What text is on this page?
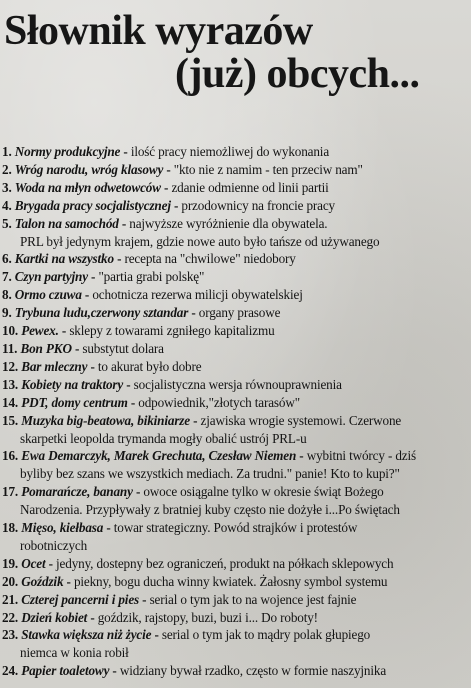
Słownik wyrazów
(już) obcych...
1. Normy produkcyjne - ilość pracy niemożliwej do wykonania
2. Wróg narodu, wróg klasowy - "kto nie z namim - ten przeciw nam"
3. Woda na młyn odwetowców - zdanie odmienne od linii partii
4. Brygada pracy socjalistycznej - przodownicy na froncie pracy
5. Talon na samochód - najwyższe wyróżnienie dla obywatela.
PRL był jedynym krajem, gdzie nowe auto było tańsze od używanego
6. Kartki na wszystko - recepta na "chwilowe" niedobory
7. Czyn partyjny - "partia grabi polskę"
8. Ormo czuwa - ochotnicza rezerwa milicji obywatelskiej
9. Trybuna ludu,czerwony sztandar - organy prasowe
10. Pewex. - sklepy z towarami zgniłego kapitalizmu
11. Bon PKO - substytut dolara
12. Bar mleczny - to akurat było dobre
13. Kobiety na traktory - socjalistyczna wersja równouprawnienia
14. PDT, domy centrum - odpowiednik,"złotych tarasów"
15. Muzyka big-beatowa, bikiniarze - zjawiska wrogie systemowi. Czerwone
skarpetki leopolda trymanda mogły obalić ustrój PRL-u
16. Ewa Demarczyk, Marek Grechuta, Czesław Niemen - wybitni twórcy - dziś
byliby bez szans we wszystkich mediach. Za trudni." panie! Kto to kupi?"
17. Pomarańcze, banany - owoce osiągalne tylko w okresie świąt Bożego
Narodzenia. Przypływały z bratniej kuby często nie dożyłe i...Po świętach
18. Mięso, kiełbasa - towar strategiczny. Powód strajków i protestów
robotniczych
19. Ocet - jedyny, dostepny bez ograniczeń, produkt na półkach sklepowych
20. Goździk - piekny, bogu ducha winny kwiatek. Żałosny symbol systemu
21. Czterej pancerni i pies - serial o tym jak to na wojence jest fajnie
22. Dzień kobiet - goździk, rajstopy, buzi, buzi i... Do roboty!
23. Stawka większa niż życie - serial o tym jak to mądry polak głupiego
niemca w konia robił
24. Papier toaletowy - widziany bywał rzadko, często w formie naszyjnika
